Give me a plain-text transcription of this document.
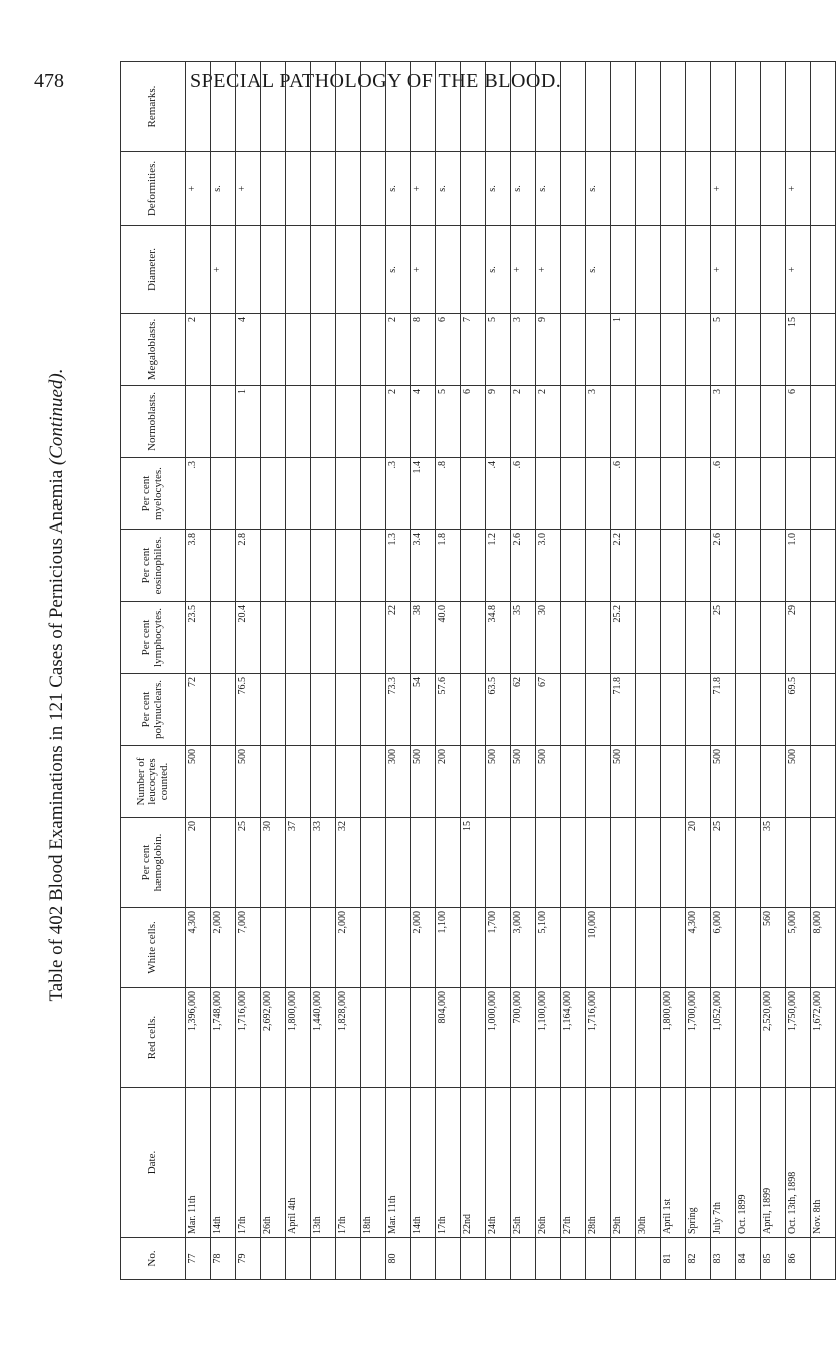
478	SPECIAL PATHOLOGY OF THE BLOOD.
Table of 402 Blood Examinations in 121 Cases of Pernicious Anæmia (Continued).
No.	Date.	Red cells.	White cells.	Per cent hæmoglobin.	Number of leucocytes counted.	Per cent polynuclears.	Per cent lymphocytes.	Per cent eosinophiles.	Per cent myelocytes.	Normoblasts.	Megaloblasts.	Diameter.	Deformities.	Remarks.
77	Mar. 11th	1,396,000	4,300	20	500	72	23.5	3.8	.3		2		+	
78	14th	1,748,000	2,000									+	s.	
79	17th	1,716,000	7,000	25	500	76.5	20.4	2.8		1	4		+	
	26th	2,692,000		30										
	April 4th	1,800,000		37										
	13th	1,440,000		33										
	17th	1,828,000	2,000	32										
	18th													
80	Mar. 11th				300	73.3	22	1.3	.3	2	2	s.	s.	
	14th		2,000		500	54	38	3.4	1.4	4	8	+	+	
	17th	804,000	1,100		200	57.6	40.0	1.8	.8	5	6		s.	
	22nd			15						6	7			
	24th	1,000,000	1,700		500	63.5	34.8	1.2	.4	9	5	s.	s.	
	25th	700,000	3,000		500	62	35	2.6	.6	2	3	+	s.	
	26th	1,100,000	5,100		500	67	30	3.0		2	9	+	s.	
	27th	1,164,000												
	28th	1,716,000	10,000							3		s.	s.	
	29th				500	71.8	25.2	2.2	.6		1			
	30th													
81	April 1st	1,800,000												
82	Spring	1,700,000	4,300	20										
83	July 7th	1,052,000	6,000	25	500	71.8	25	2.6	.6	3	5	+	+	
84	Oct. 1899													
85	April, 1899	2,520,000	560	35										
86	Oct. 13th, 1898	1,750,000	5,000		500	69.5	29	1.0		6	15	+	+	
	Nov. 8th	1,672,000	8,000											
